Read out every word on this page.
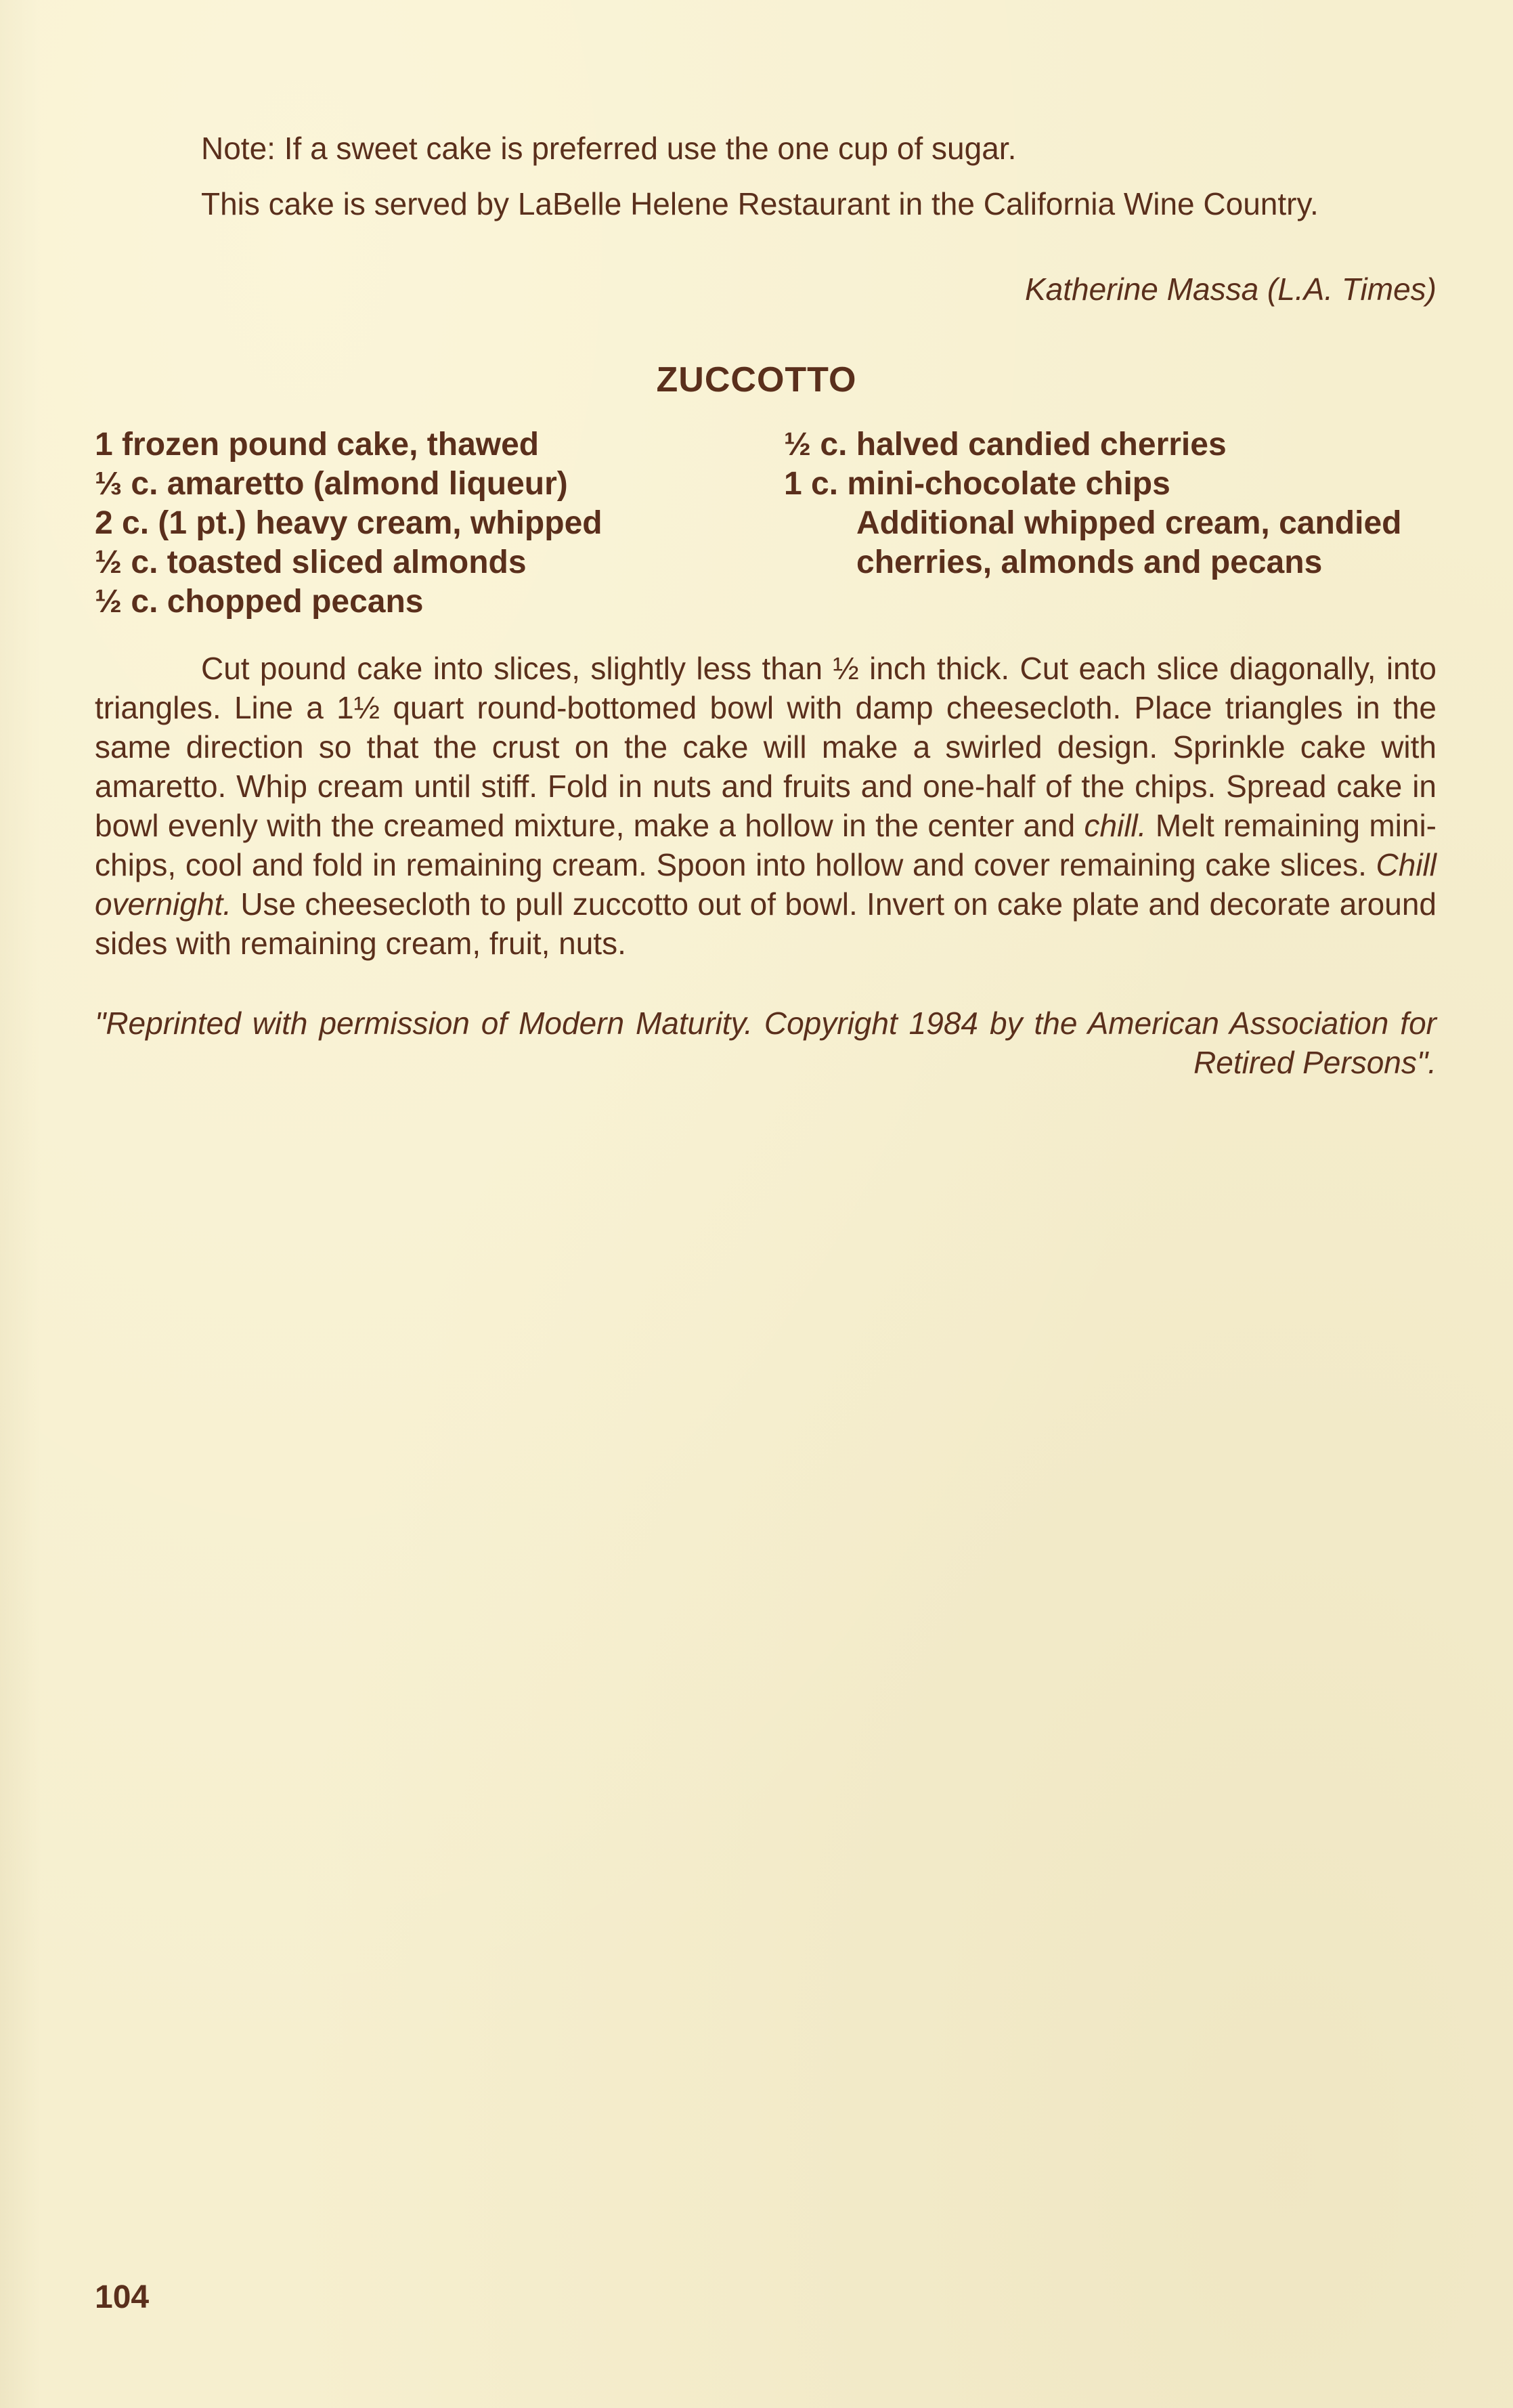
Note: If a sweet cake is preferred use the one cup of sugar.
This cake is served by LaBelle Helene Restaurant in the California Wine Country.
Katherine Massa (L.A. Times)
ZUCCOTTO
1 frozen pound cake, thawed
⅓ c. amaretto (almond liqueur)
2 c. (1 pt.) heavy cream, whipped
½ c. toasted sliced almonds
½ c. chopped pecans
½ c. halved candied cherries
1 c. mini-chocolate chips
Additional whipped cream, candied cherries, almonds and pecans

Cut pound cake into slices, slightly less than ½ inch thick. Cut each slice diagonally, into triangles. Line a 1½ quart round-bottomed bowl with damp cheesecloth. Place triangles in the same direction so that the crust on the cake will make a swirled design. Sprinkle cake with amaretto. Whip cream until stiff. Fold in nuts and fruits and one-half of the chips. Spread cake in bowl evenly with the creamed mixture, make a hollow in the center and chill. Melt remaining mini-chips, cool and fold in remaining cream. Spoon into hollow and cover remaining cake slices. Chill overnight. Use cheesecloth to pull zuccotto out of bowl. Invert on cake plate and decorate around sides with remaining cream, fruit, nuts.

"Reprinted with permission of Modern Maturity. Copyright 1984 by the American Association for Retired Persons".
104
